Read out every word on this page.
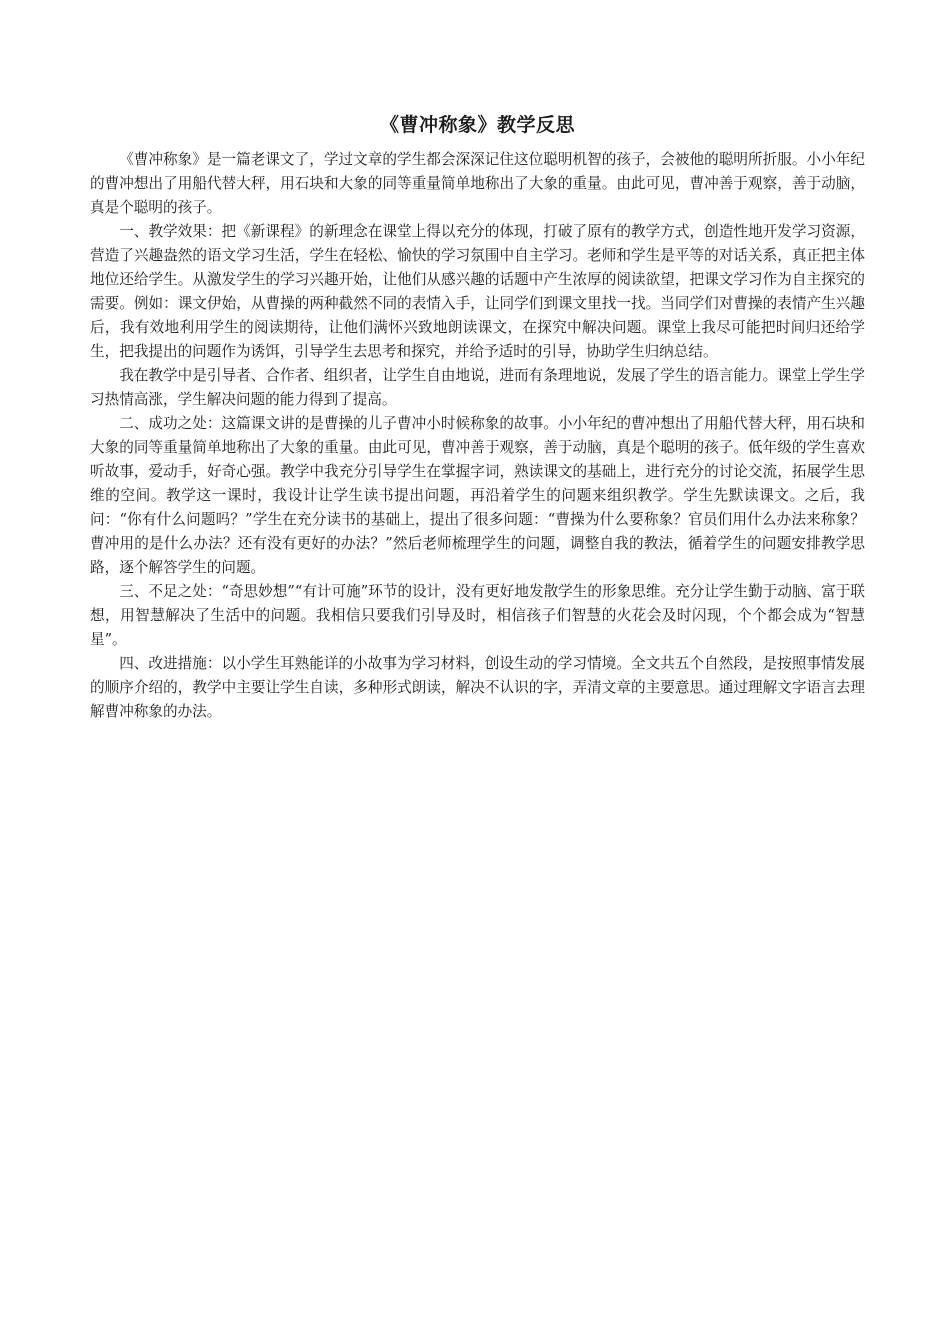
《曹冲称象》教学反思

《曹冲称象》是一篇老课文了，学过文章的学生都会深深记住这位聪明机智的孩子，会被他的聪明所折服。小小年纪的曹冲想出了用船代替大秤，用石块和大象的同等重量简单地称出了大象的重量。由此可见，曹冲善于观察，善于动脑，真是个聪明的孩子。

一、教学效果：把《新课程》的新理念在课堂上得以充分的体现，打破了原有的教学方式，创造性地开发学习资源，营造了兴趣盎然的语文学习生活，学生在轻松、愉快的学习氛围中自主学习。老师和学生是平等的对话关系，真正把主体地位还给学生。从激发学生的学习兴趣开始，让他们从感兴趣的话题中产生浓厚的阅读欲望，把课文学习作为自主探究的需要。例如：课文伊始，从曹操的两种截然不同的表情入手，让同学们到课文里找一找。当同学们对曹操的表情产生兴趣后，我有效地利用学生的阅读期待，让他们满怀兴致地朗读课文，在探究中解决问题。课堂上我尽可能把时间归还给学生，把我提出的问题作为诱饵，引导学生去思考和探究，并给予适时的引导，协助学生归纳总结。

我在教学中是引导者、合作者、组织者，让学生自由地说，进而有条理地说，发展了学生的语言能力。课堂上学生学习热情高涨，学生解决问题的能力得到了提高。

二、成功之处：这篇课文讲的是曹操的儿子曹冲小时候称象的故事。小小年纪的曹冲想出了用船代替大秤，用石块和大象的同等重量简单地称出了大象的重量。由此可见，曹冲善于观察，善于动脑，真是个聪明的孩子。低年级的学生喜欢听故事，爱动手，好奇心强。教学中我充分引导学生在掌握字词，熟读课文的基础上，进行充分的讨论交流，拓展学生思维的空间。教学这一课时，我设计让学生读书提出问题，再沿着学生的问题来组织教学。学生先默读课文。之后，我问：“你有什么问题吗？”学生在充分读书的基础上，提出了很多问题：“曹操为什么要称象？官员们用什么办法来称象？曹冲用的是什么办法？还有没有更好的办法？”然后老师梳理学生的问题，调整自我的教法，循着学生的问题安排教学思路，逐个解答学生的问题。

三、不足之处：“奇思妙想”“有计可施”环节的设计，没有更好地发散学生的形象思维。充分让学生勤于动脑、富于联想，用智慧解决了生活中的问题。我相信只要我们引导及时，相信孩子们智慧的火花会及时闪现，个个都会成为“智慧星”。

四、改进措施：以小学生耳熟能详的小故事为学习材料，创设生动的学习情境。全文共五个自然段，是按照事情发展的顺序介绍的，教学中主要让学生自读，多种形式朗读，解决不认识的字，弄清文章的主要意思。通过理解文字语言去理解曹冲称象的办法。
